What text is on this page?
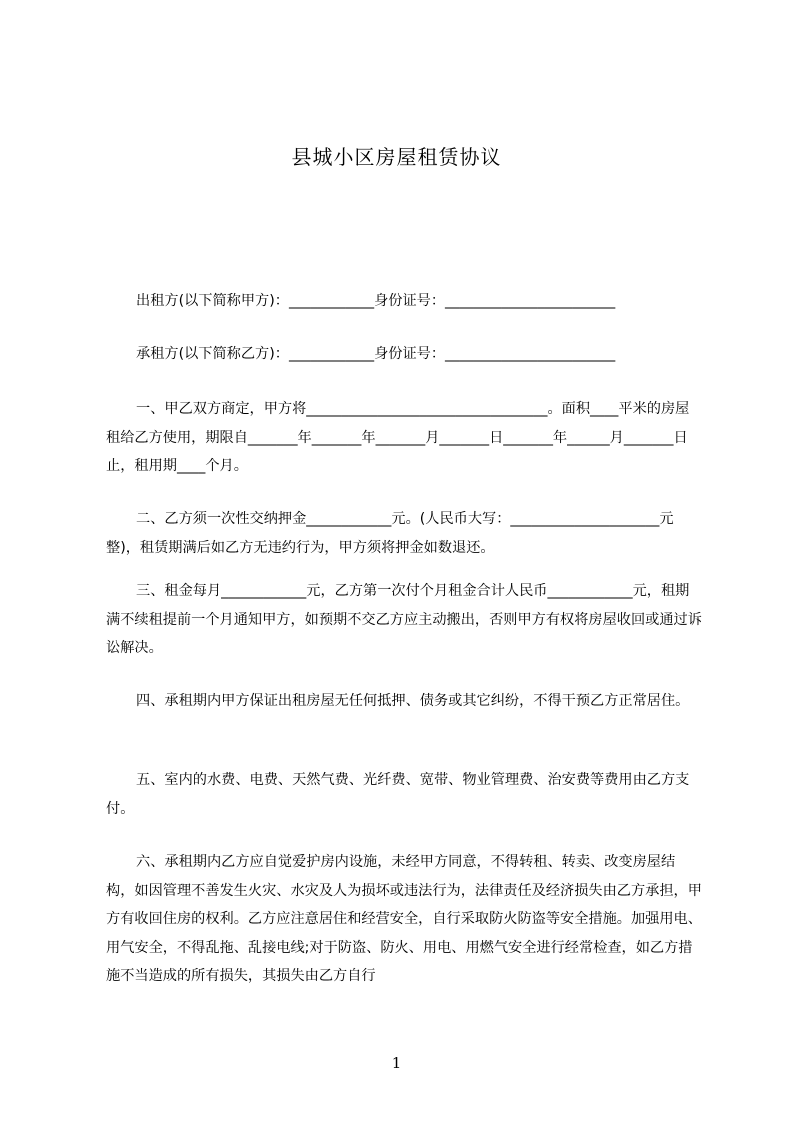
县城小区房屋租赁协议

出租方(以下简称甲方)：____________身份证号：________________________

承租方(以下简称乙方)：____________身份证号：________________________

一、甲乙双方商定，甲方将__________________________________。面积____平米的房屋租给乙方使用，期限自_______年_______年_______月_______日_______年______月_______日止，租用期____个月。

二、乙方须一次性交纳押金____________元。(人民币大写：_____________________元整)，租赁期满后如乙方无违约行为，甲方须将押金如数退还。

三、租金每月____________元，乙方第一次付个月租金合计人民币____________元，租期满不续租提前一个月通知甲方，如预期不交乙方应主动搬出，否则甲方有权将房屋收回或通过诉讼解决。

四、承租期内甲方保证出租房屋无任何抵押、债务或其它纠纷，不得干预乙方正常居住。

五、室内的水费、电费、天然气费、光纤费、宽带、物业管理费、治安费等费用由乙方支付。

六、承租期内乙方应自觉爱护房内设施，未经甲方同意，不得转租、转卖、改变房屋结构，如因管理不善发生火灾、水灾及人为损坏或违法行为，法律责任及经济损失由乙方承担，甲方有收回住房的权利。乙方应注意居住和经营安全，自行采取防火防盗等安全措施。加强用电、用气安全，不得乱拖、乱接电线;对于防盗、防火、用电、用燃气安全进行经常检查，如乙方措施不当造成的所有损失，其损失由乙方自行

1
